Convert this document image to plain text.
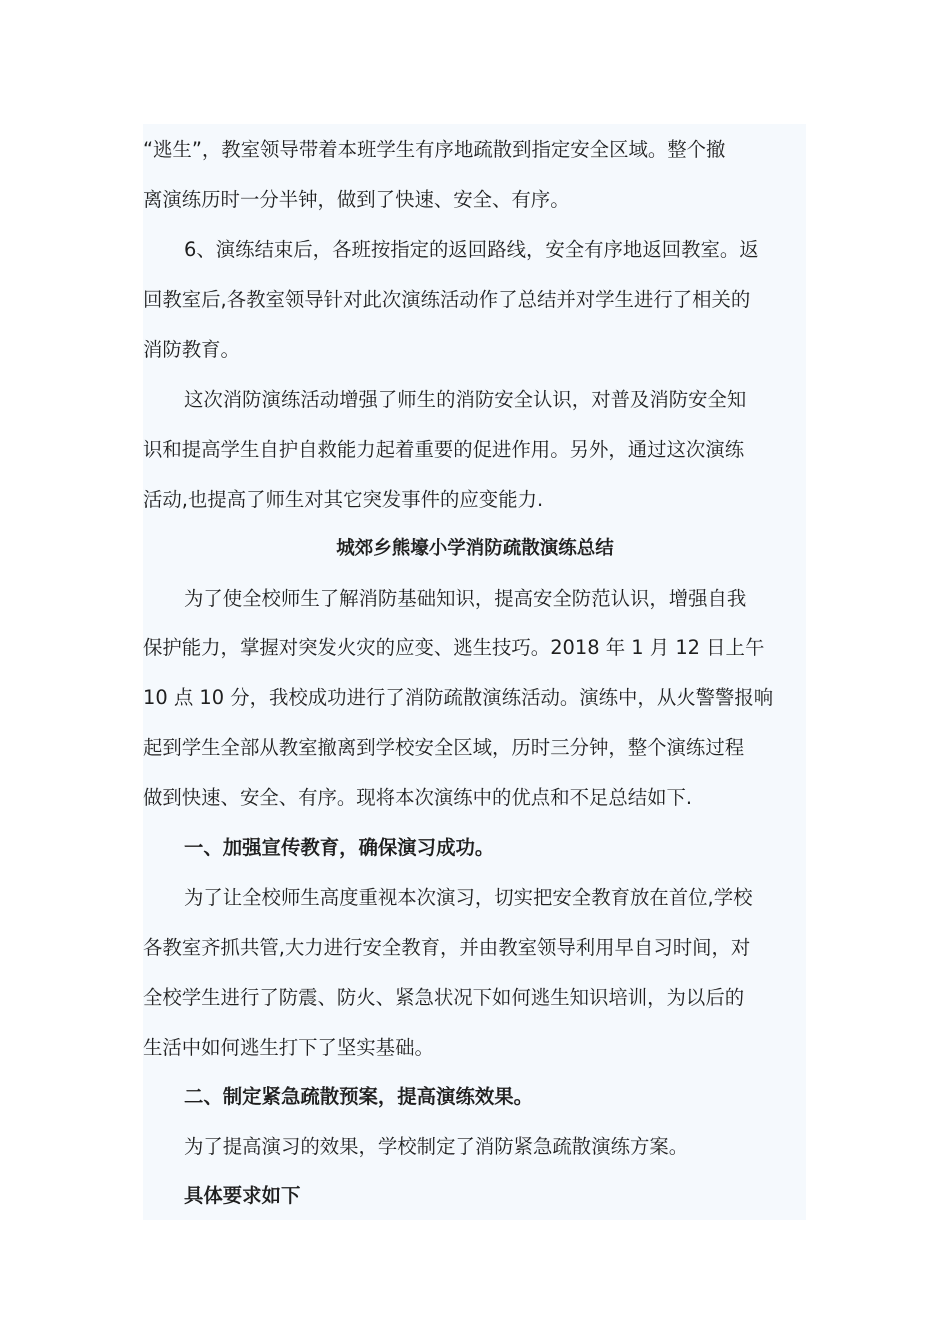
“逃生”，教室领导带着本班学生有序地疏散到指定安全区域。整个撤
离演练历时一分半钟，做到了快速、安全、有序。
6、演练结束后，各班按指定的返回路线，安全有序地返回教室。返
回教室后,各教室领导针对此次演练活动作了总结并对学生进行了相关的
消防教育。
这次消防演练活动增强了师生的消防安全认识，对普及消防安全知
识和提高学生自护自救能力起着重要的促进作用。另外，通过这次演练
活动,也提高了师生对其它突发事件的应变能力.
城郊乡熊壕小学消防疏散演练总结
为了使全校师生了解消防基础知识，提高安全防范认识，增强自我
保护能力，掌握对突发火灾的应变、逃生技巧。2018 年 1 月 12 日上午
10 点 10 分，我校成功进行了消防疏散演练活动。演练中，从火警警报响
起到学生全部从教室撤离到学校安全区域，历时三分钟，整个演练过程
做到快速、安全、有序。现将本次演练中的优点和不足总结如下.
一、加强宣传教育，确保演习成功。
为了让全校师生高度重视本次演习，切实把安全教育放在首位,学校
各教室齐抓共管,大力进行安全教育，并由教室领导利用早自习时间，对
全校学生进行了防震、防火、紧急状况下如何逃生知识培训，为以后的
生活中如何逃生打下了坚实基础。
二、制定紧急疏散预案，提高演练效果。
为了提高演习的效果，学校制定了消防紧急疏散演练方案。
具体要求如下
